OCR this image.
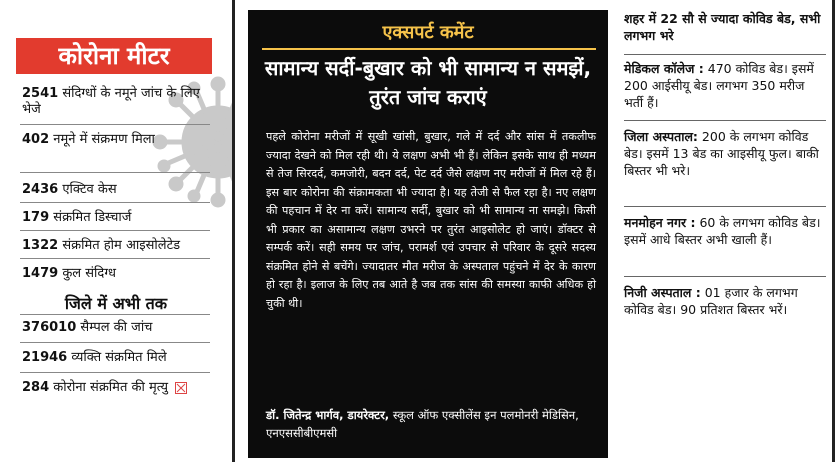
कोरोना मीटर
2541 संदिग्धों के नमूने जांच के लिए भेजे
402 नमूने में संक्रमण मिला
2436 एक्टिव केस
179 संक्रमित डिस्चार्ज
1322 संक्रमित होम आइसोलेटेड
1479 कुल संदिग्ध
जिले में अभी तक
376010 सैम्पल की जांच
21946 व्यक्ति संक्रमित मिले
284 कोरोना संक्रमित की मृत्यु
एक्सपर्ट कमेंट
सामान्य सर्दी-बुखार को भी सामान्य न समझें, तुरंत जांच कराएं
पहले कोरोना मरीजों में सूखी खांसी, बुखार, गले में दर्द और सांस में तकलीफ ज्यादा देखने को मिल रही थी। ये लक्षण अभी भी हैं। लेकिन इसके साथ ही मध्यम से तेज सिरदर्द, कमजोरी, बदन दर्द, पेट दर्द जैसे लक्षण नए मरीजों में मिल रहे हैं। इस बार कोरोना की संक्रामकता भी ज्यादा है। यह तेजी से फैल रहा है। नए लक्षण की पहचान में देर ना करें। सामान्य सर्दी, बुखार को भी सामान्य ना समझे। किसी भी प्रकार का असामान्य लक्षण उभरने पर तुरंत आइसोलेट हो जाएं। डॉक्टर से सम्पर्क करें। सही समय पर जांच, परामर्श एवं उपचार से परिवार के दूसरे सदस्य संक्रमित होने से बचेंगे। ज्यादातर मौत मरीज के अस्पताल पहुंचने में देर के कारण हो रहा है। इलाज के लिए तब आते है जब तक सांस की समस्या काफी अधिक हो चुकी थी।
डॉ. जितेन्द्र भार्गव, डायरेक्टर, स्कूल ऑफ एक्सीलेंस इन पलमोनरी मेडिसिन, एनएससीबीएमसी
शहर में 22 सौ से ज्यादा कोविड बेड, सभी लगभग भरे
मेडिकल कॉलेज : 470 कोविड बेड। इसमें 200 आईसीयू बेड। लगभग 350 मरीज भर्ती हैं।
जिला अस्पताल: 200 के लगभग कोविड बेड। इसमें 13 बेड का आइसीयू फुल। बाकी बिस्तर भी भरे।
मनमोहन नगर : 60 के लगभग कोविड बेड। इसमें आधे बिस्तर अभी खाली हैं।
निजी अस्पताल : 01 हजार के लगभग कोविड बेड। 90 प्रतिशत बिस्तर भरें।
